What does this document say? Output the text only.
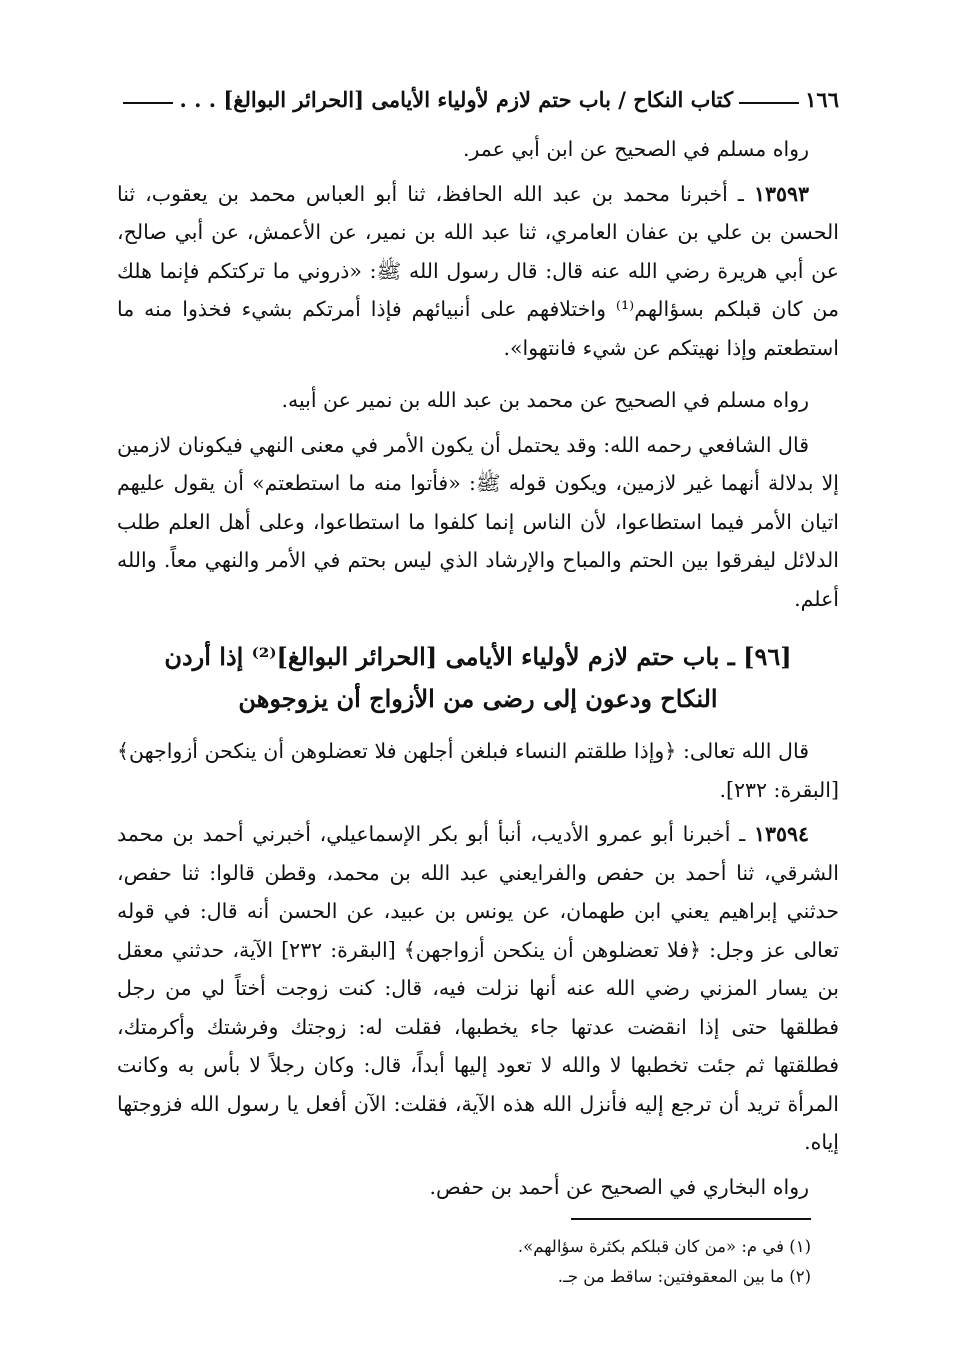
١٦٦
كتاب النكاح / باب حتم لازم لأولياء الأيامى [الحرائر البوالغ] . . .

رواه مسلم في الصحيح عن ابن أبي عمر.

١٣٥٩٣ ـ أخبرنا محمد بن عبد الله الحافظ، ثنا أبو العباس محمد بن يعقوب، ثنا الحسن بن علي بن عفان العامري، ثنا عبد الله بن نمير، عن الأعمش، عن أبي صالح، عن أبي هريرة رضي الله عنه قال: قال رسول الله ﷺ: «ذروني ما تركتكم فإنما هلك من كان قبلكم بسؤالهم⁽¹⁾ واختلافهم على أنبيائهم فإذا أمرتكم بشيء فخذوا منه ما استطعتم وإذا نهيتكم عن شيء فانتهوا».

رواه مسلم في الصحيح عن محمد بن عبد الله بن نمير عن أبيه.

قال الشافعي رحمه الله: وقد يحتمل أن يكون الأمر في معنى النهي فيكونان لازمين إلا بدلالة أنهما غير لازمين، ويكون قوله ﷺ: «فأتوا منه ما استطعتم» أن يقول عليهم اتيان الأمر فيما استطاعوا، لأن الناس إنما كلفوا ما استطاعوا، وعلى أهل العلم طلب الدلائل ليفرقوا بين الحتم والمباح والإرشاد الذي ليس بحتم في الأمر والنهي معاً. والله أعلم.

[٩٦] ـ باب حتم لازم لأولياء الأيامى [الحرائر البوالغ]⁽²⁾ إذا أردن
النكاح ودعون إلى رضى من الأزواج أن يزوجوهن

قال الله تعالى: ﴿وإذا طلقتم النساء فبلغن أجلهن فلا تعضلوهن أن ينكحن أزواجهن﴾ [البقرة: ٢٣٢].

١٣٥٩٤ ـ أخبرنا أبو عمرو الأديب، أنبأ أبو بكر الإسماعيلي، أخبرني أحمد بن محمد الشرقي، ثنا أحمد بن حفص والفرايعني عبد الله بن محمد، وقطن قالوا: ثنا حفص، حدثني إبراهيم يعني ابن طهمان، عن يونس بن عبيد، عن الحسن أنه قال: في قوله تعالى عز وجل: ﴿فلا تعضلوهن أن ينكحن أزواجهن﴾ [البقرة: ٢٣٢] الآية، حدثني معقل بن يسار المزني رضي الله عنه أنها نزلت فيه، قال: كنت زوجت أختاً لي من رجل فطلقها حتى إذا انقضت عدتها جاء يخطبها، فقلت له: زوجتك وفرشتك وأكرمتك، فطلقتها ثم جئت تخطبها لا والله لا تعود إليها أبداً، قال: وكان رجلاً لا بأس به وكانت المرأة تريد أن ترجع إليه فأنزل الله هذه الآية، فقلت: الآن أفعل يا رسول الله فزوجتها إياه.

رواه البخاري في الصحيح عن أحمد بن حفص.

(١) في م: «من كان قبلكم بكثرة سؤالهم».

(٢) ما بين المعقوفتين: ساقط من جـ.
